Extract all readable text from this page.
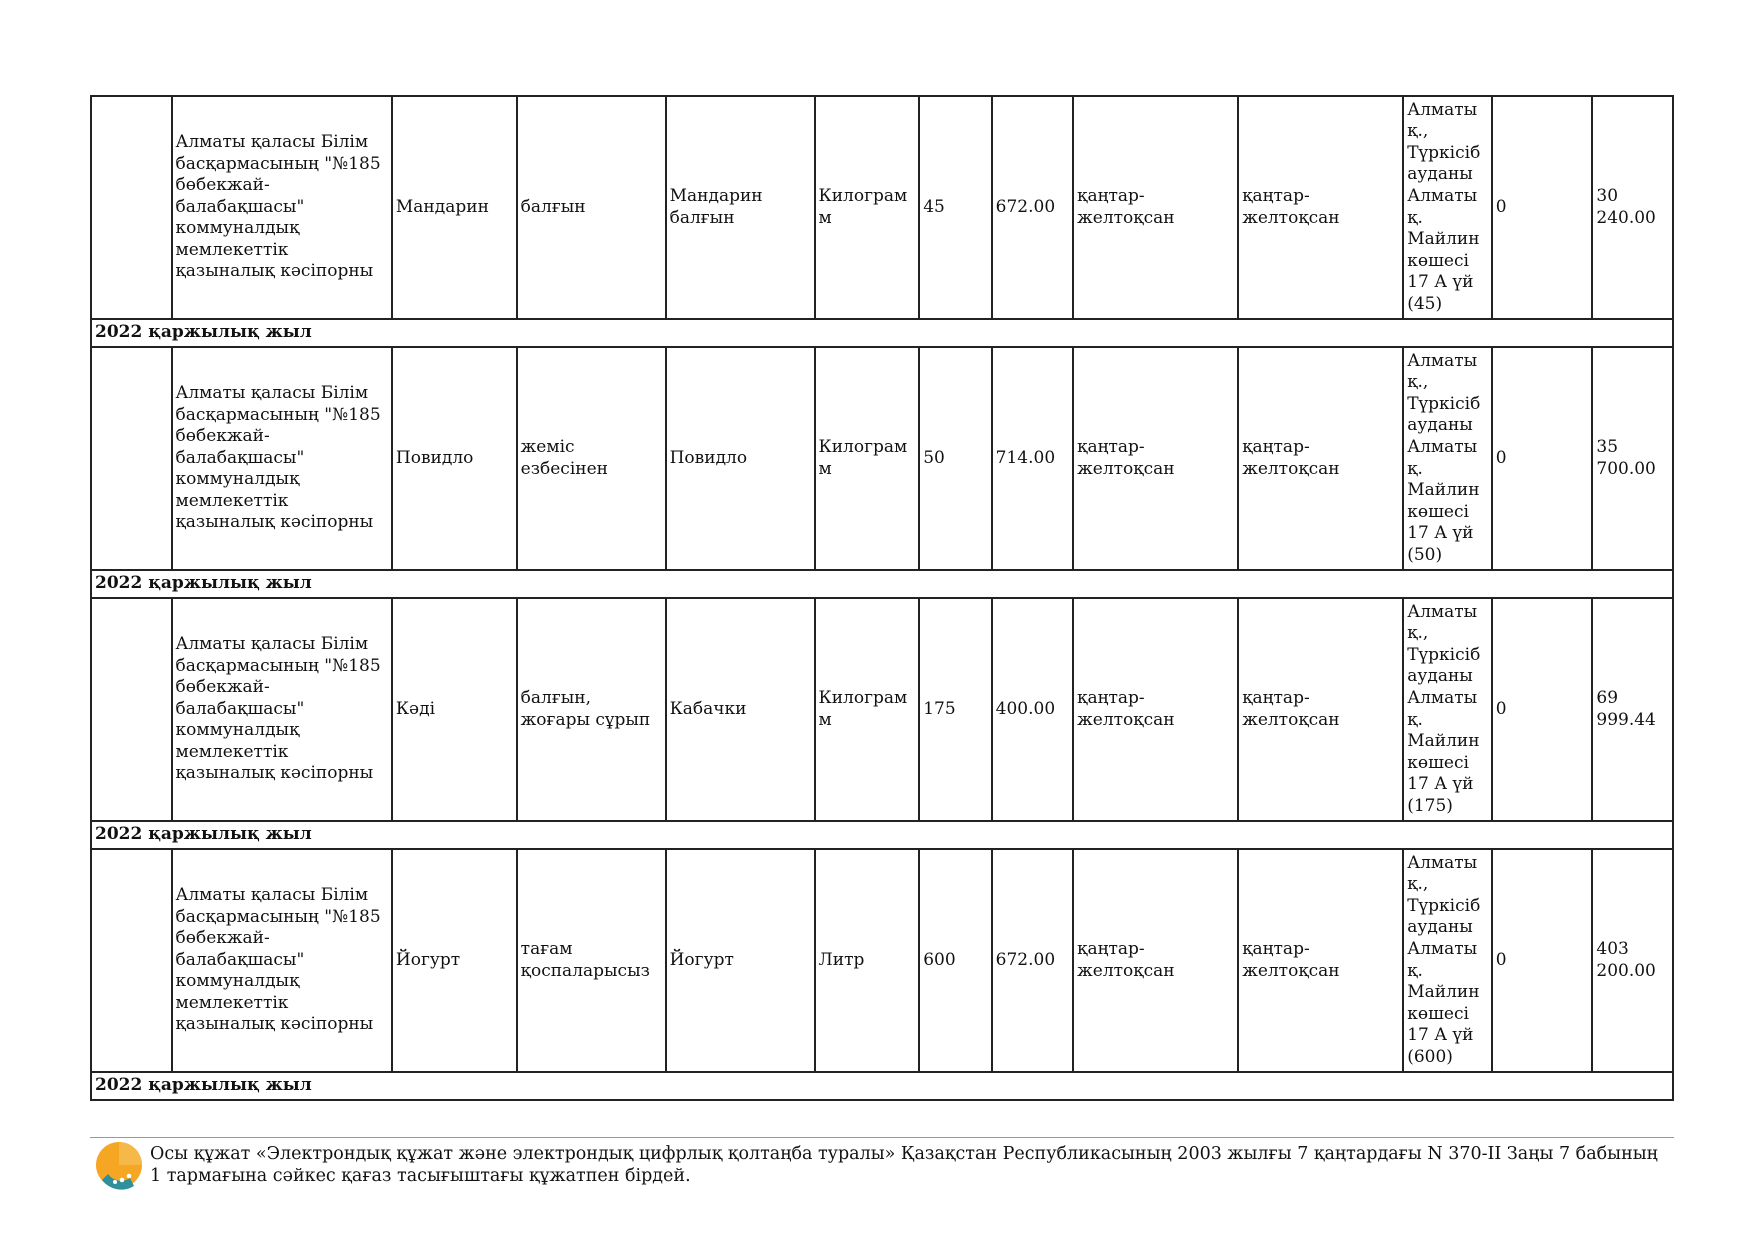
	Алматы қаласы Білім басқармасының "№185 бөбекжай-балабақшасы" коммуналдық мемлекеттік қазыналық кәсіпорны	Мандарин	балғын	Мандарин балғын	Килограмм	45	672.00	қаңтар-желтоқсан	қаңтар-желтоқсан	Алматы қ., Түркісіб ауданы Алматы қ. Майлин көшесі 17 А үй (45)	0	30 240.00
2022 қаржылық жыл												
	Алматы қаласы Білім басқармасының "№185 бөбекжай-балабақшасы" коммуналдық мемлекеттік қазыналық кәсіпорны	Повидло	жеміс езбесінен	Повидло	Килограмм	50	714.00	қаңтар-желтоқсан	қаңтар-желтоқсан	Алматы қ., Түркісіб ауданы Алматы қ. Майлин көшесі 17 А үй (50)	0	35 700.00
2022 қаржылық жыл												
	Алматы қаласы Білім басқармасының "№185 бөбекжай-балабақшасы" коммуналдық мемлекеттік қазыналық кәсіпорны	Кәді	балғын, жоғары сұрып	Кабачки	Килограмм	175	400.00	қаңтар-желтоқсан	қаңтар-желтоқсан	Алматы қ., Түркісіб ауданы Алматы қ. Майлин көшесі 17 А үй (175)	0	69 999.44
2022 қаржылық жыл												
	Алматы қаласы Білім басқармасының "№185 бөбекжай-балабақшасы" коммуналдық мемлекеттік қазыналық кәсіпорны	Йогурт	тағам қоспаларысыз	Йогурт	Литр	600	672.00	қаңтар-желтоқсан	қаңтар-желтоқсан	Алматы қ., Түркісіб ауданы Алматы қ. Майлин көшесі 17 А үй (600)	0	403 200.00
2022 қаржылық жыл												
Осы құжат «Электрондық құжат және электрондық цифрлық қолтаңба туралы» Қазақстан Республикасының 2003 жылғы 7 қаңтардағы N 370-II Заңы 7 бабының 1 тармағына сәйкес қағаз тасығыштағы құжатпен бірдей.
